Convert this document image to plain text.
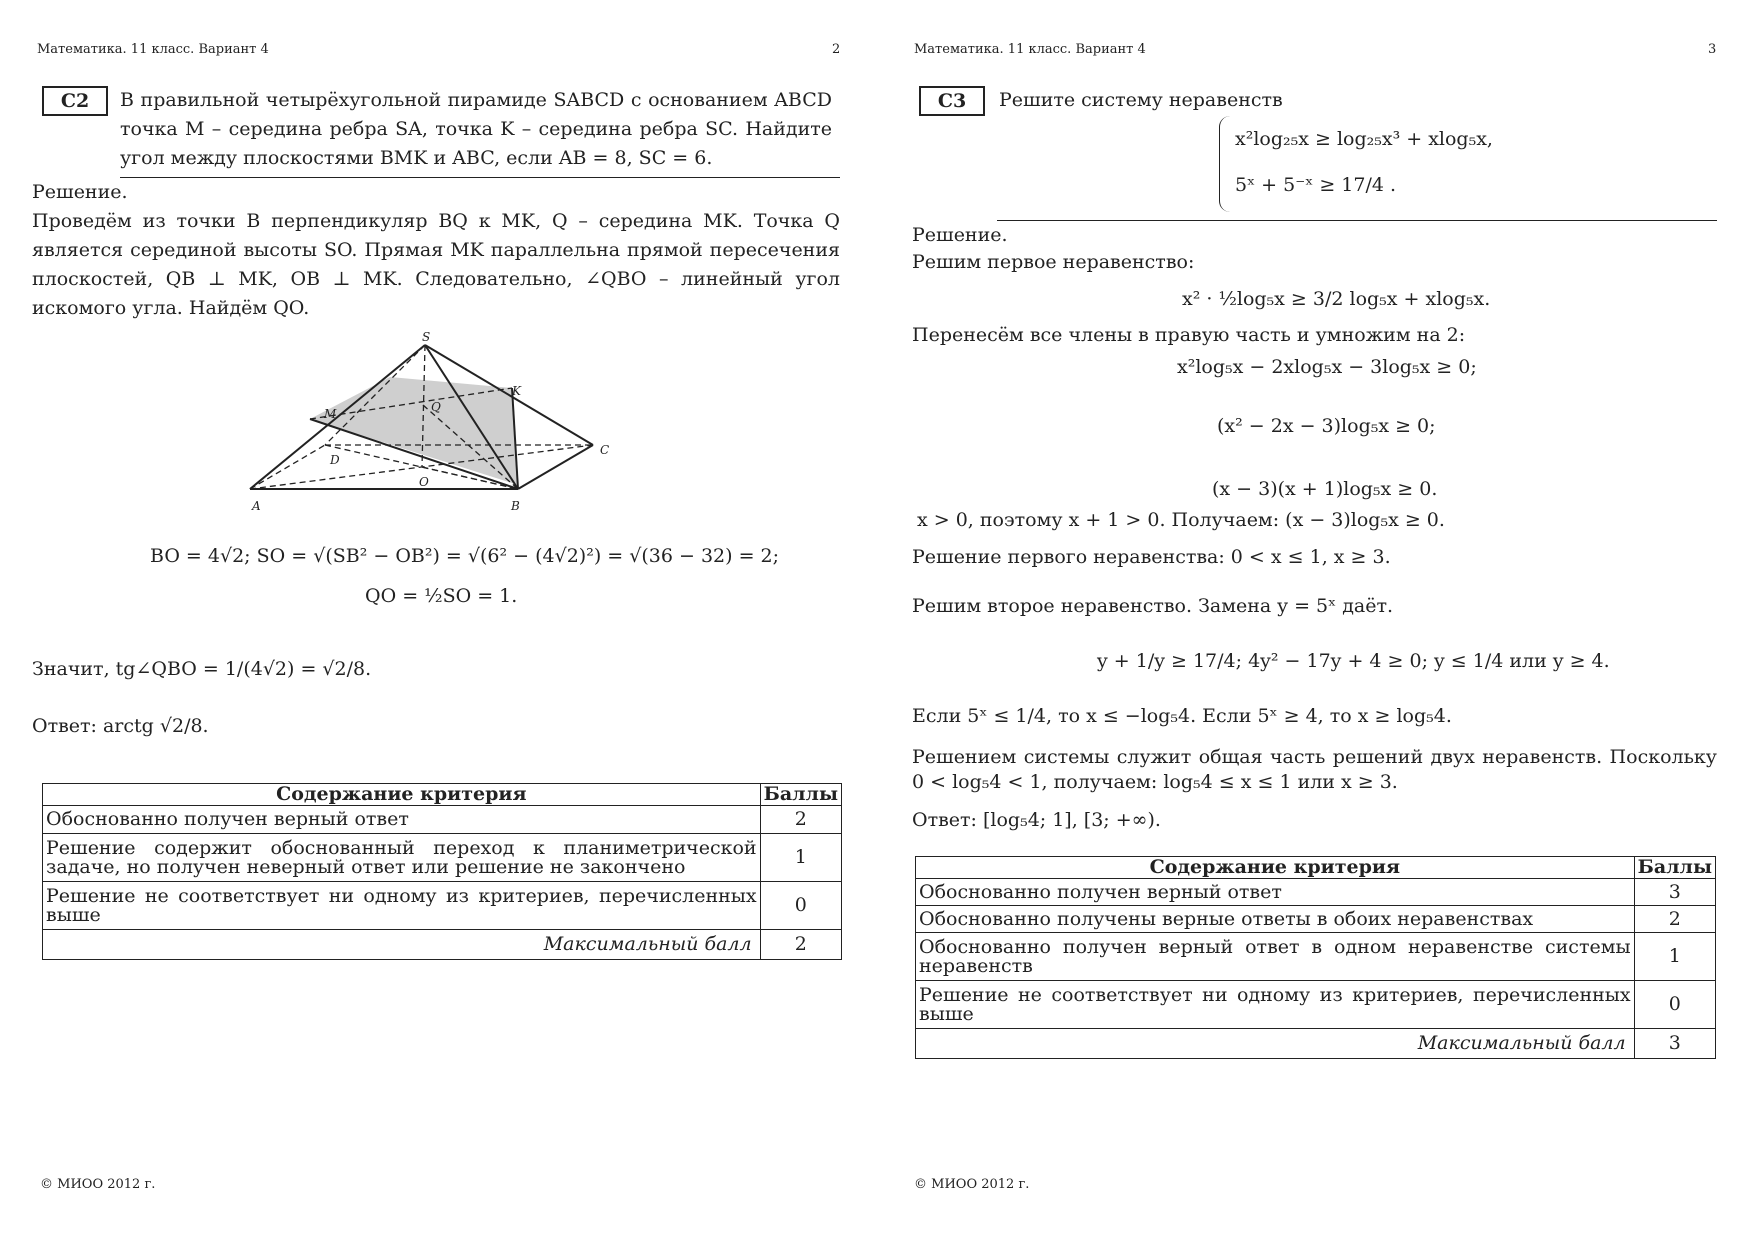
Математика. 11 класс. Вариант 4	2
С2	В правильной четырёхугольной пирамиде SABCD с основанием ABCD
точка M – середина ребра SA, точка K – середина ребра SC. Найдите
угол между плоскостями BMK и ABC, если AB = 8, SC = 6.
Решение.
Проведём из точки B перпендикуляр BQ к MK, Q – середина MK. Точка Q
является серединой высоты SO. Прямая MK параллельна прямой пересечения
плоскостей, QB ⊥ MK, OB ⊥ MK. Следовательно, ∠QBO – линейный угол
искомого угла. Найдём QO.
S
K
M	Q
C
D
O
A	B
BO = 4√2; SO = √(SB² − OB²) = √(6² − (4√2)²) = √(36 − 32) = 2;
QO = ½SO = 1.
Значит, tg∠QBO = 1/(4√2) = √2/8.
Ответ: arctg √2/8.
Содержание критерия	Баллы
Обоснованно получен верный ответ	2
Решение содержит обоснованный переход к планиметрической задаче, но получен неверный ответ или решение не закончено	1
Решение не соответствует ни одному из критериев, перечисленных выше	0
Максимальный балл	2
© МИОО 2012 г.
Математика. 11 класс. Вариант 4	3
С3	Решите систему неравенств
x²log₂₅x ≥ log₂₅x³ + xlog₅x,
5ˣ + 5⁻ˣ ≥ 17/4 .
Решение.
Решим первое неравенство:
x² · ½log₅x ≥ 3/2 log₅x + xlog₅x.
Перенесём все члены в правую часть и умножим на 2:
x²log₅x − 2xlog₅x − 3log₅x ≥ 0;
(x² − 2x − 3)log₅x ≥ 0;
(x − 3)(x + 1)log₅x ≥ 0.
x > 0, поэтому x + 1 > 0. Получаем: (x − 3)log₅x ≥ 0.
Решение первого неравенства: 0 < x ≤ 1, x ≥ 3.
Решим второе неравенство. Замена y = 5ˣ даёт.
y + 1/y ≥ 17/4; 4y² − 17y + 4 ≥ 0; y ≤ 1/4 или y ≥ 4.
Если 5ˣ ≤ 1/4, то x ≤ −log₅4. Если 5ˣ ≥ 4, то x ≥ log₅4.
Решением системы служит общая часть решений двух неравенств. Поскольку
0 < log₅4 < 1, получаем: log₅4 ≤ x ≤ 1 или x ≥ 3.
Ответ: [log₅4; 1], [3; +∞).
Содержание критерия	Баллы
Обоснованно получен верный ответ	3
Обоснованно получены верные ответы в обоих неравенствах	2
Обоснованно получен верный ответ в одном неравенстве системы неравенств	1
Решение не соответствует ни одному из критериев, перечисленных выше	0
Максимальный балл	3
© МИОО 2012 г.
